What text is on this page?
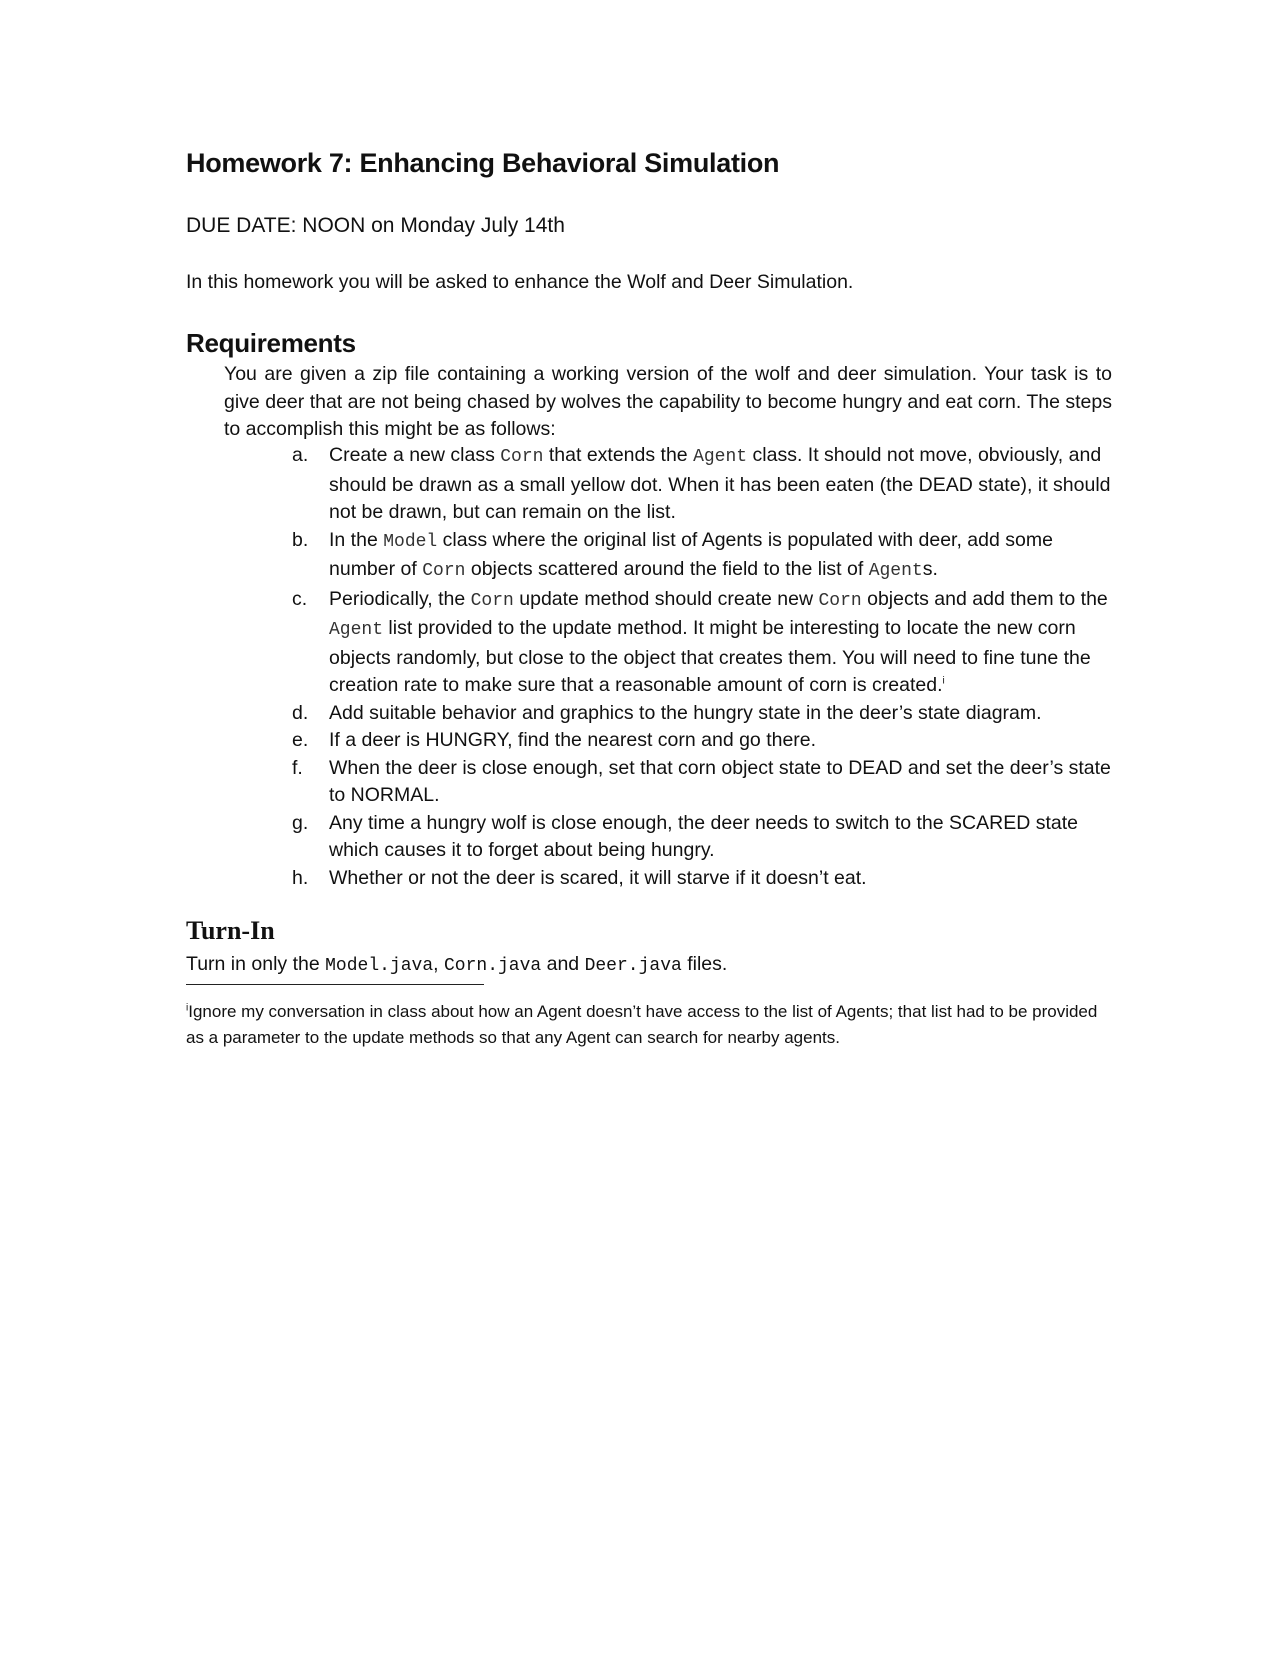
Homework 7: Enhancing Behavioral Simulation
DUE DATE: NOON on Monday July 14th
In this homework you will be asked to enhance the Wolf and Deer Simulation.
Requirements

You are given a zip file containing a working version of the wolf and deer simulation. Your task is to give deer that are not being chased by wolves the capability to become hungry and eat corn. The steps to accomplish this might be as follows:

a. Create a new class Corn that extends the Agent class. It should not move, obviously, and should be drawn as a small yellow dot. When it has been eaten (the DEAD state), it should not be drawn, but can remain on the list.
b. In the Model class where the original list of Agents is populated with deer, add some number of Corn objects scattered around the field to the list of Agents.
c. Periodically, the Corn update method should create new Corn objects and add them to the Agent list provided to the update method. It might be interesting to locate the new corn objects randomly, but close to the object that creates them. You will need to fine tune the creation rate to make sure that a reasonable amount of corn is created.$^i$
d. Add suitable behavior and graphics to the hungry state in the deer’s state diagram.
e. If a deer is HUNGRY, find the nearest corn and go there.
f. When the deer is close enough, set that corn object state to DEAD and set the deer’s state to NORMAL.
g. Any time a hungry wolf is close enough, the deer needs to switch to the SCARED state which causes it to forget about being hungry.
h. Whether or not the deer is scared, it will starve if it doesn’t eat.
Turn-In
Turn in only the Model.java, Corn.java and Deer.java files.

$^i$Ignore my conversation in class about how an Agent doesn’t have access to the list of Agents; that list had to be provided as a parameter to the update methods so that any Agent can search for nearby agents.
